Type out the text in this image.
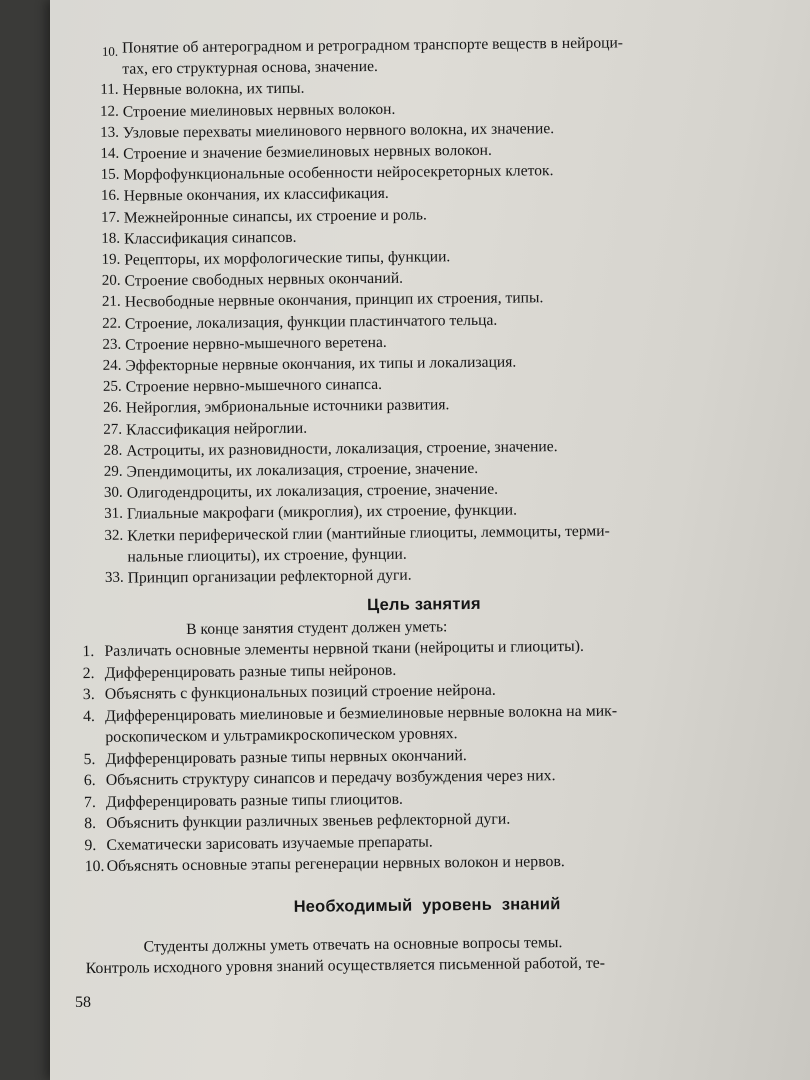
10. Понятие об антероградном и ретроградном транспорте веществ в нейроци-
тах, его структурная основа, значение.
11. Нервные волокна, их типы.
12. Строение миелиновых нервных волокон.
13. Узловые перехваты миелинового нервного волокна, их значение.
14. Строение и значение безмиелиновых нервных волокон.
15. Морфофункциональные особенности нейросекреторных клеток.
16. Нервные окончания, их классификация.
17. Межнейронные синапсы, их строение и роль.
18. Классификация синапсов.
19. Рецепторы, их морфологические типы, функции.
20. Строение свободных нервных окончаний.
21. Несвободные нервные окончания, принцип их строения, типы.
22. Строение, локализация, функции пластинчатого тельца.
23. Строение нервно-мышечного веретена.
24. Эффекторные нервные окончания, их типы и локализация.
25. Строение нервно-мышечного синапса.
26. Нейроглия, эмбриональные источники развития.
27. Классификация нейроглии.
28. Астроциты, их разновидности, локализация, строение, значение.
29. Эпендимоциты, их локализация, строение, значение.
30. Олигодендроциты, их локализация, строение, значение.
31. Глиальные макрофаги (микроглия), их строение, функции.
32. Клетки периферической глии (мантийные глиоциты, леммоциты, терми-
нальные глиоциты), их строение, фунции.
33. Принцип организации рефлекторной дуги.
Цель занятия
В конце занятия студент должен уметь:
1. Различать основные элементы нервной ткани (нейроциты и глиоциты).
2. Дифференцировать разные типы нейронов.
3. Объяснять с функциональных позиций строение нейрона.
4. Дифференцировать миелиновые и безмиелиновые нервные волокна на мик-
роскопическом и ультрамикроскопическом уровнях.
5. Дифференцировать разные типы нервных окончаний.
6. Объяснить структуру синапсов и передачу возбуждения через них.
7. Дифференцировать разные типы глиоцитов.
8. Объяснить функции различных звеньев рефлекторной дуги.
9. Схематически зарисовать изучаемые препараты.
10. Объяснять основные этапы регенерации нервных волокон и нервов.
Необходимый уровень знаний

Студенты должны уметь отвечать на основные вопросы темы.

Контроль исходного уровня знаний осуществляется письменной работой, те-

58
